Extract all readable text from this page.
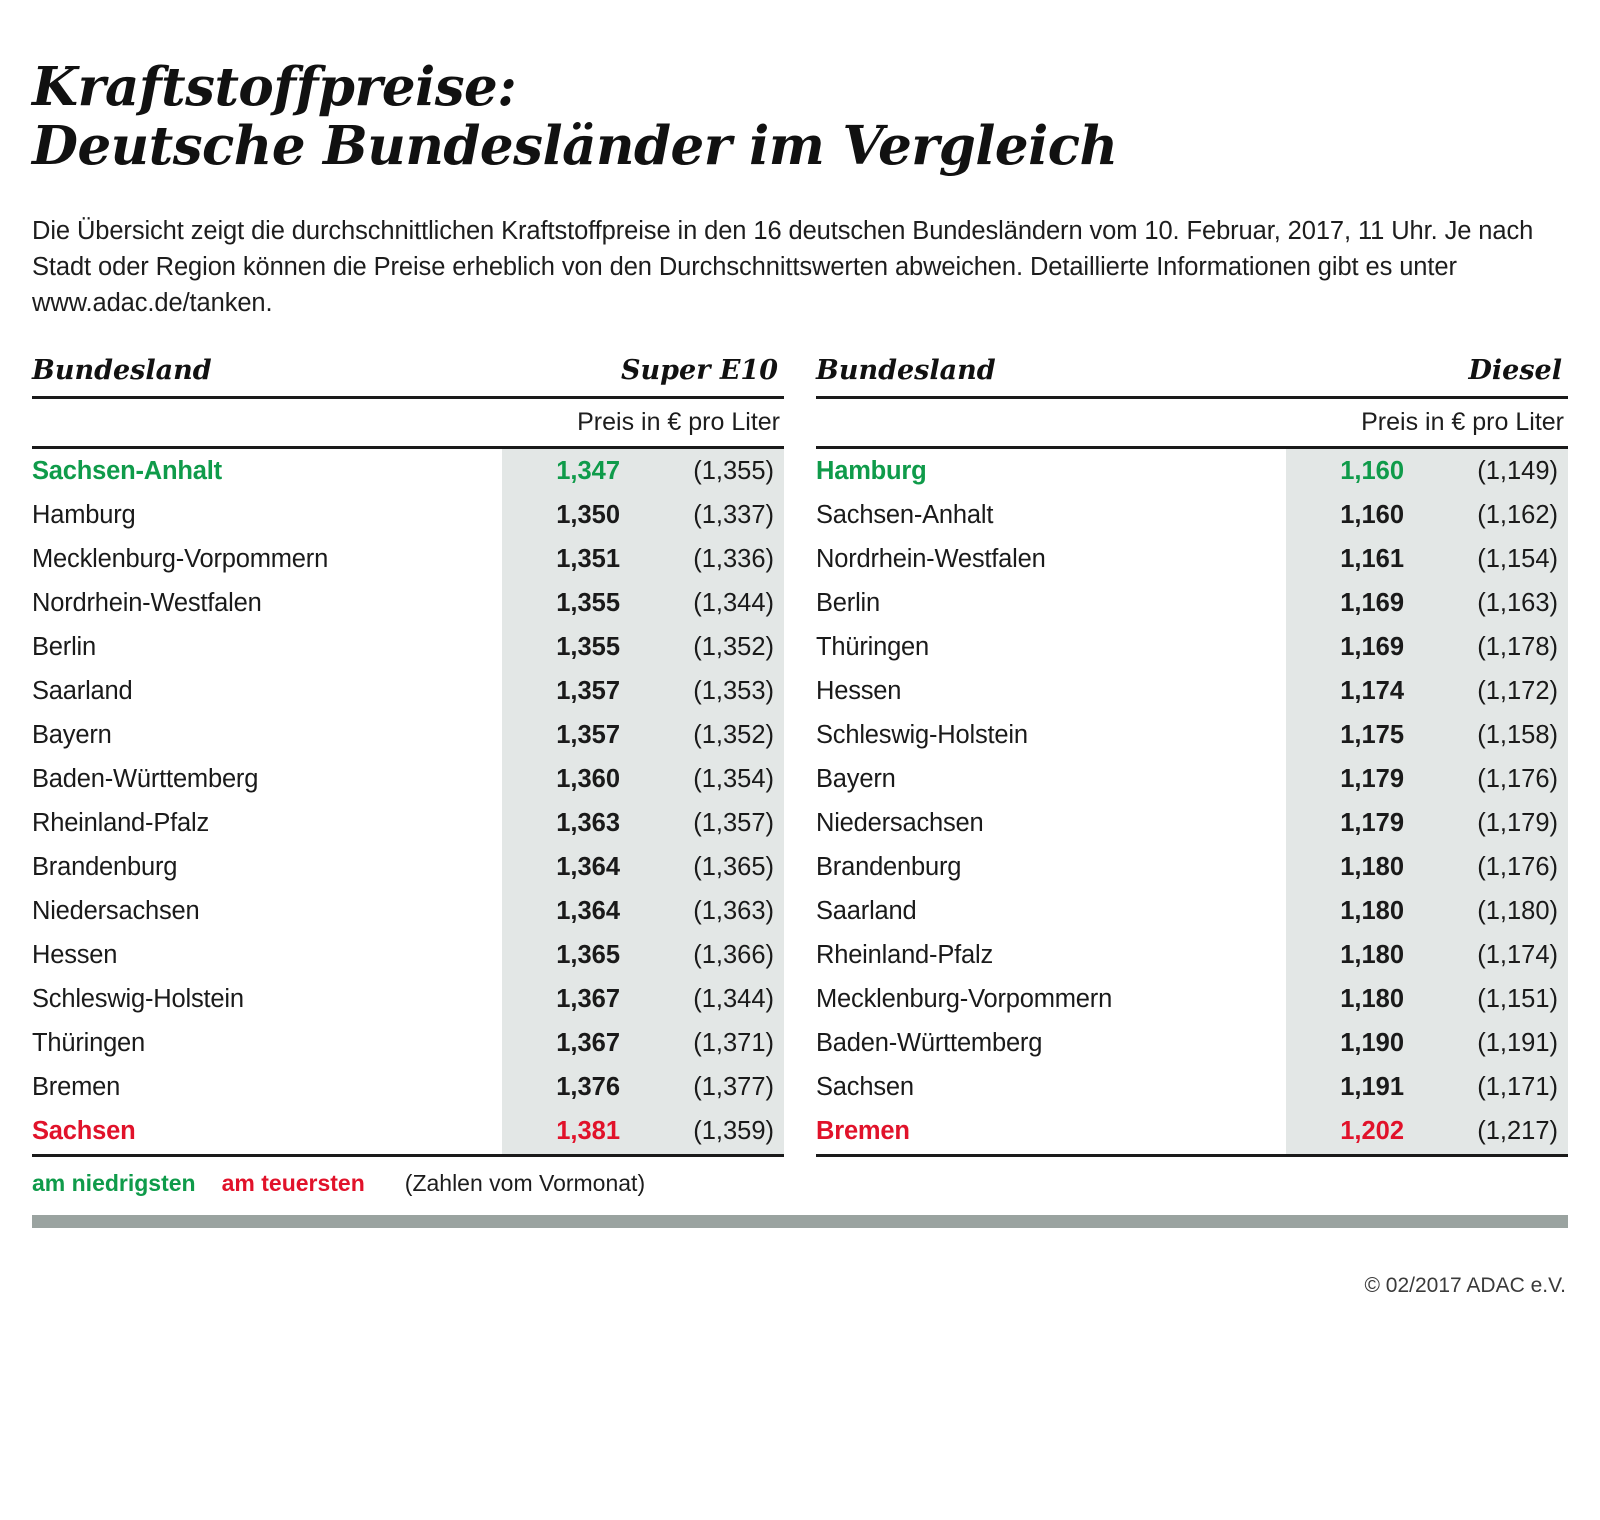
Kraftstoffpreise:
Deutsche Bundesländer im Vergleich

Die Übersicht zeigt die durchschnittlichen Kraftstoffpreise in den 16 deutschen Bundesländern vom 10. Februar, 2017, 11 Uhr. Je nach Stadt oder Region können die Preise erheblich von den Durchschnittswerten abweichen. Detaillierte Informationen gibt es unter www.adac.de/tanken.

Bundesland	Super E10	

	Preis in € pro Liter	

Sachsen-Anhalt	1,347	(1,355)
Hamburg	1,350	(1,337)
Mecklenburg-Vorpommern	1,351	(1,336)
Nordrhein-Westfalen	1,355	(1,344)
Berlin	1,355	(1,352)
Saarland	1,357	(1,353)
Bayern	1,357	(1,352)
Baden-Württemberg	1,360	(1,354)
Rheinland-Pfalz	1,363	(1,357)
Brandenburg	1,364	(1,365)
Niedersachsen	1,364	(1,363)
Hessen	1,365	(1,366)
Schleswig-Holstein	1,367	(1,344)
Thüringen	1,367	(1,371)
Bremen	1,376	(1,377)
Sachsen	1,381	(1,359)

Bundesland	Diesel	

	Preis in € pro Liter	

Hamburg	1,160	(1,149)
Sachsen-Anhalt	1,160	(1,162)
Nordrhein-Westfalen	1,161	(1,154)
Berlin	1,169	(1,163)
Thüringen	1,169	(1,178)
Hessen	1,174	(1,172)
Schleswig-Holstein	1,175	(1,158)
Bayern	1,179	(1,176)
Niedersachsen	1,179	(1,179)
Brandenburg	1,180	(1,176)
Saarland	1,180	(1,180)
Rheinland-Pfalz	1,180	(1,174)
Mecklenburg-Vorpommern	1,180	(1,151)
Baden-Württemberg	1,190	(1,191)
Sachsen	1,191	(1,171)
Bremen	1,202	(1,217)

am niedrigsten am teuersten (Zahlen vom Vormonat)
© 02/2017 ADAC e.V.
